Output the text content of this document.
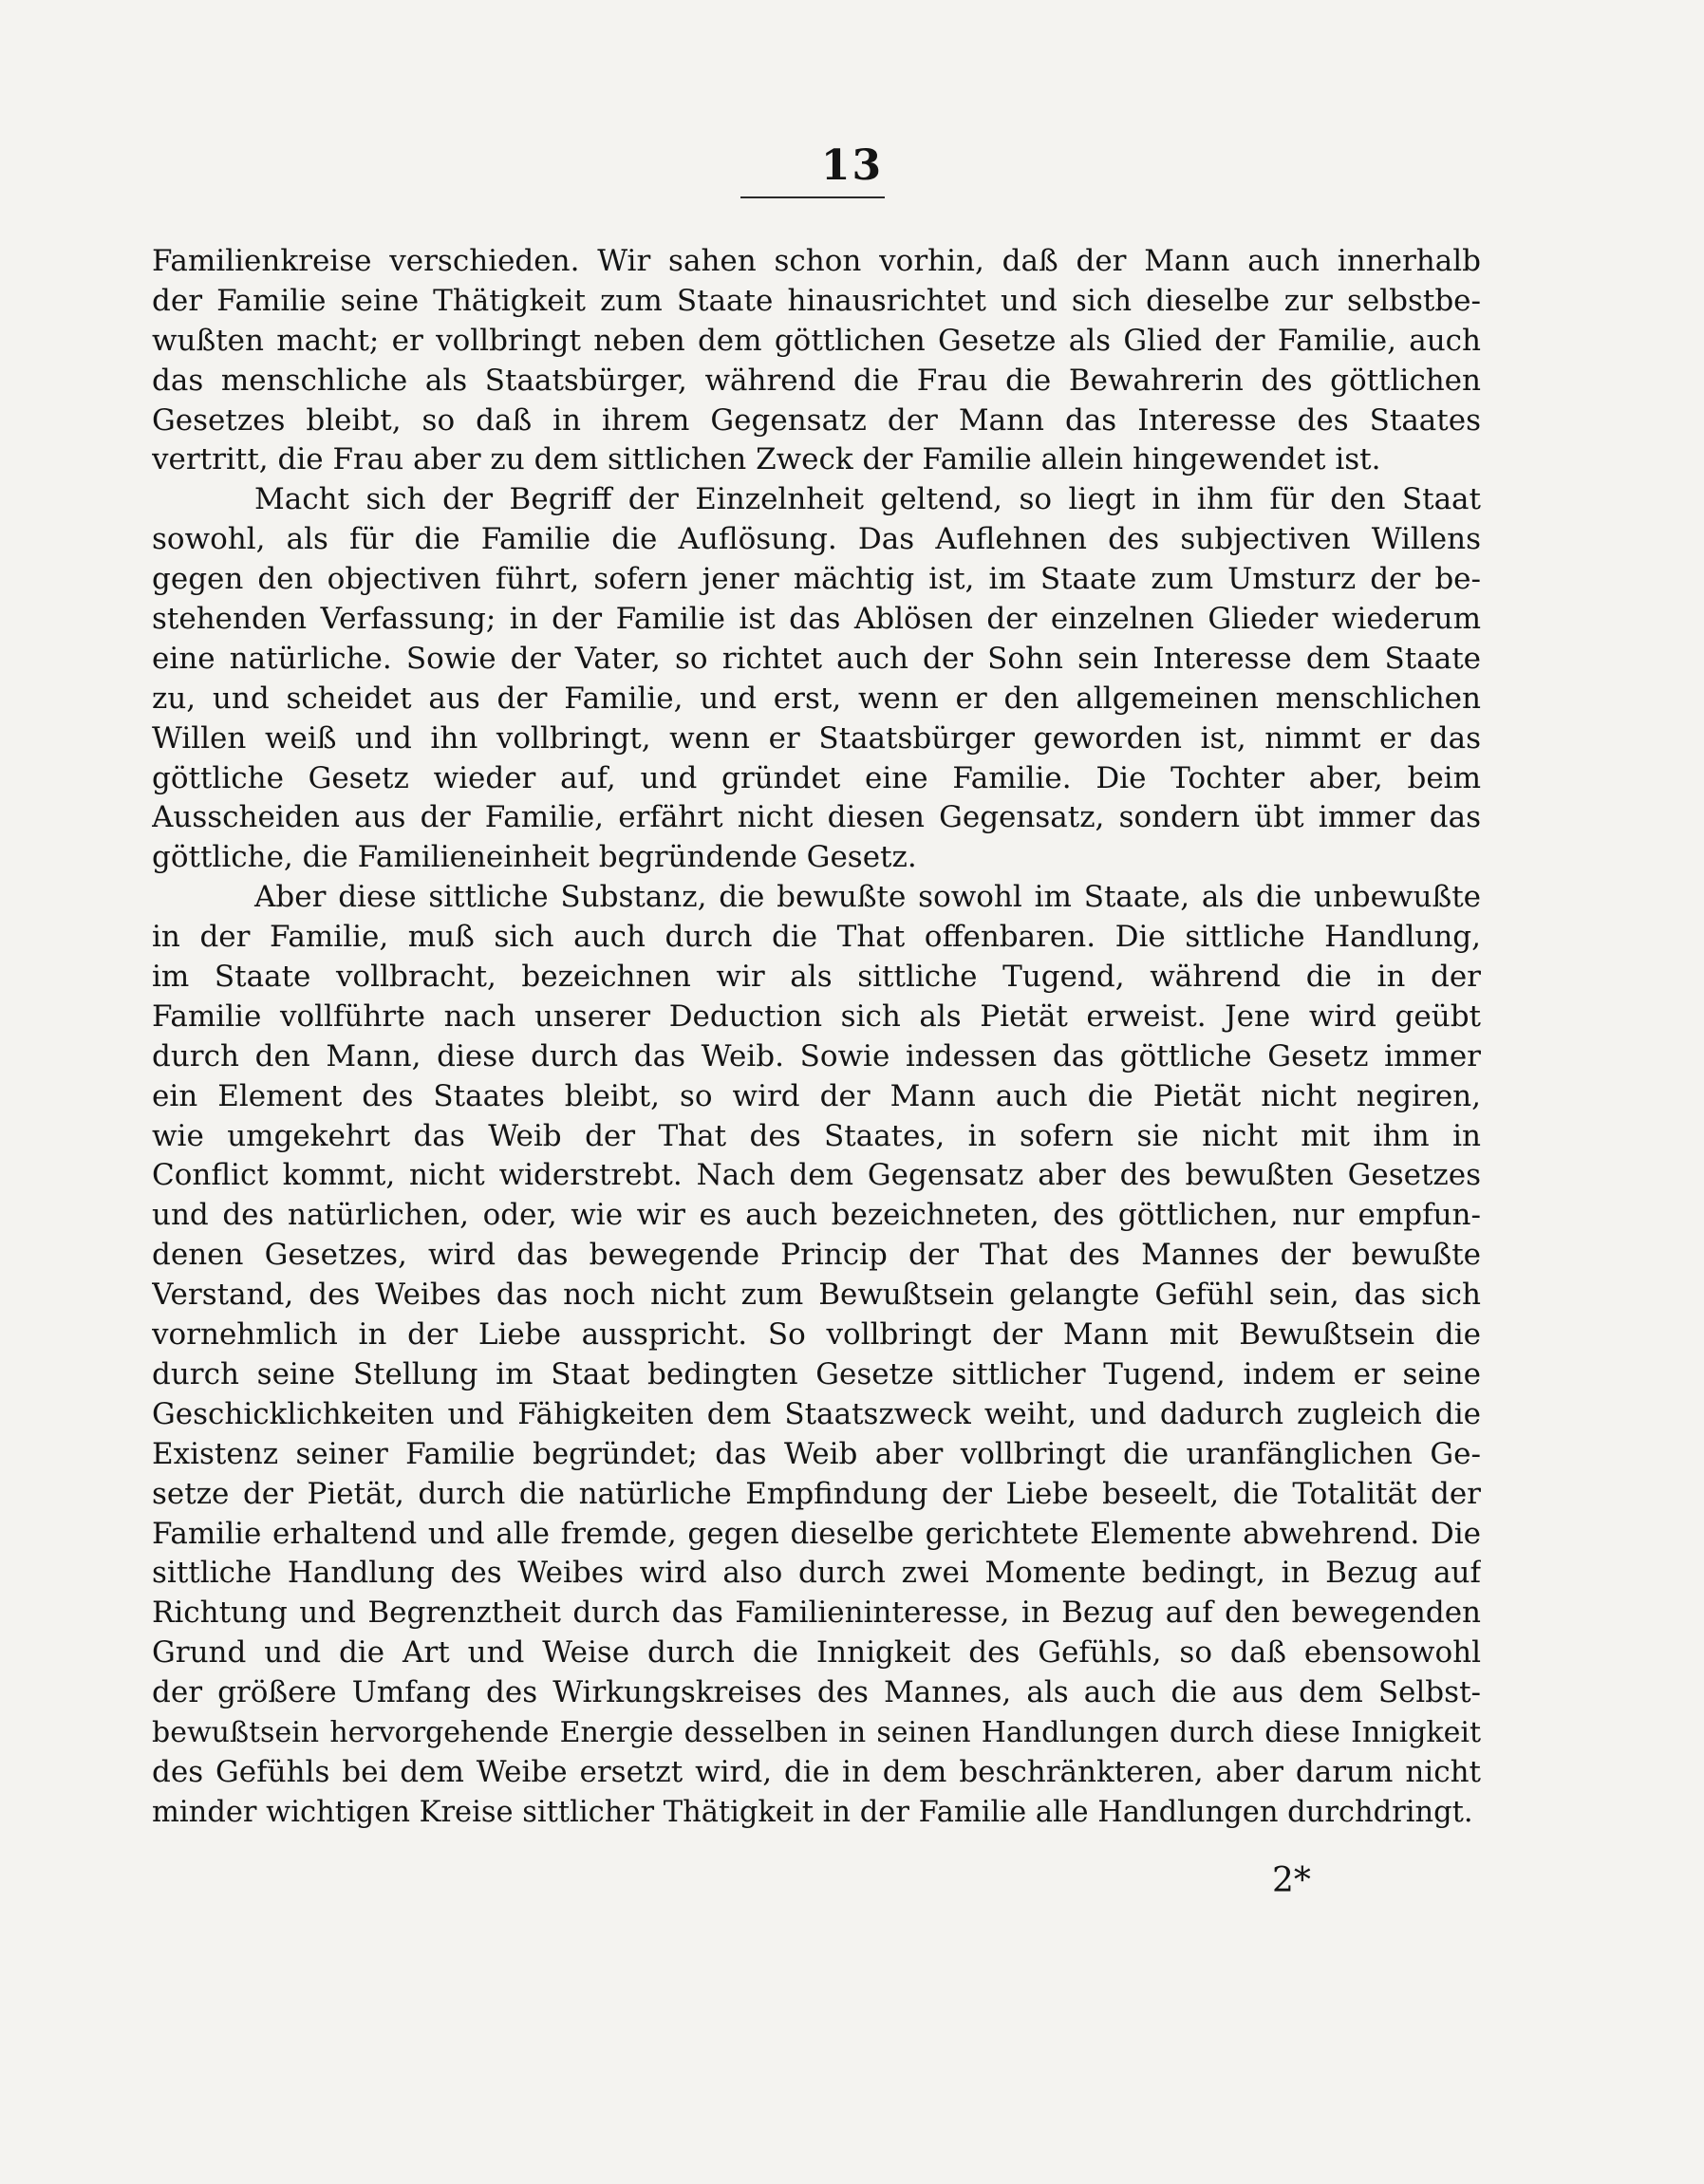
13
Familienkreise verschieden. Wir sahen schon vorhin, daß der Mann auch innerhalb
der Familie seine Thätigkeit zum Staate hinausrichtet und sich dieselbe zur selbstbe-
wußten macht; er vollbringt neben dem göttlichen Gesetze als Glied der Familie, auch
das menschliche als Staatsbürger, während die Frau die Bewahrerin des göttlichen
Gesetzes bleibt, so daß in ihrem Gegensatz der Mann das Interesse des Staates
vertritt, die Frau aber zu dem sittlichen Zweck der Familie allein hingewendet ist.
Macht sich der Begriff der Einzelnheit geltend, so liegt in ihm für den Staat
sowohl, als für die Familie die Auflösung. Das Auflehnen des subjectiven Willens
gegen den objectiven führt, sofern jener mächtig ist, im Staate zum Umsturz der be-
stehenden Verfassung; in der Familie ist das Ablösen der einzelnen Glieder wiederum
eine natürliche. Sowie der Vater, so richtet auch der Sohn sein Interesse dem Staate
zu, und scheidet aus der Familie, und erst, wenn er den allgemeinen menschlichen
Willen weiß und ihn vollbringt, wenn er Staatsbürger geworden ist, nimmt er das
göttliche Gesetz wieder auf, und gründet eine Familie. Die Tochter aber, beim
Ausscheiden aus der Familie, erfährt nicht diesen Gegensatz, sondern übt immer das
göttliche, die Familieneinheit begründende Gesetz.
Aber diese sittliche Substanz, die bewußte sowohl im Staate, als die unbewußte
in der Familie, muß sich auch durch die That offenbaren. Die sittliche Handlung,
im Staate vollbracht, bezeichnen wir als sittliche Tugend, während die in der
Familie vollführte nach unserer Deduction sich als Pietät erweist. Jene wird geübt
durch den Mann, diese durch das Weib. Sowie indessen das göttliche Gesetz immer
ein Element des Staates bleibt, so wird der Mann auch die Pietät nicht negiren,
wie umgekehrt das Weib der That des Staates, in sofern sie nicht mit ihm in
Conflict kommt, nicht widerstrebt. Nach dem Gegensatz aber des bewußten Gesetzes
und des natürlichen, oder, wie wir es auch bezeichneten, des göttlichen, nur empfun-
denen Gesetzes, wird das bewegende Princip der That des Mannes der bewußte
Verstand, des Weibes das noch nicht zum Bewußtsein gelangte Gefühl sein, das sich
vornehmlich in der Liebe ausspricht. So vollbringt der Mann mit Bewußtsein die
durch seine Stellung im Staat bedingten Gesetze sittlicher Tugend, indem er seine
Geschicklichkeiten und Fähigkeiten dem Staatszweck weiht, und dadurch zugleich die
Existenz seiner Familie begründet; das Weib aber vollbringt die uranfänglichen Ge-
setze der Pietät, durch die natürliche Empfindung der Liebe beseelt, die Totalität der
Familie erhaltend und alle fremde, gegen dieselbe gerichtete Elemente abwehrend. Die
sittliche Handlung des Weibes wird also durch zwei Momente bedingt, in Bezug auf
Richtung und Begrenztheit durch das Familieninteresse, in Bezug auf den bewegenden
Grund und die Art und Weise durch die Innigkeit des Gefühls, so daß ebensowohl
der größere Umfang des Wirkungskreises des Mannes, als auch die aus dem Selbst-
bewußtsein hervorgehende Energie desselben in seinen Handlungen durch diese Innigkeit
des Gefühls bei dem Weibe ersetzt wird, die in dem beschränkteren, aber darum nicht
minder wichtigen Kreise sittlicher Thätigkeit in der Familie alle Handlungen durchdringt.
2*
